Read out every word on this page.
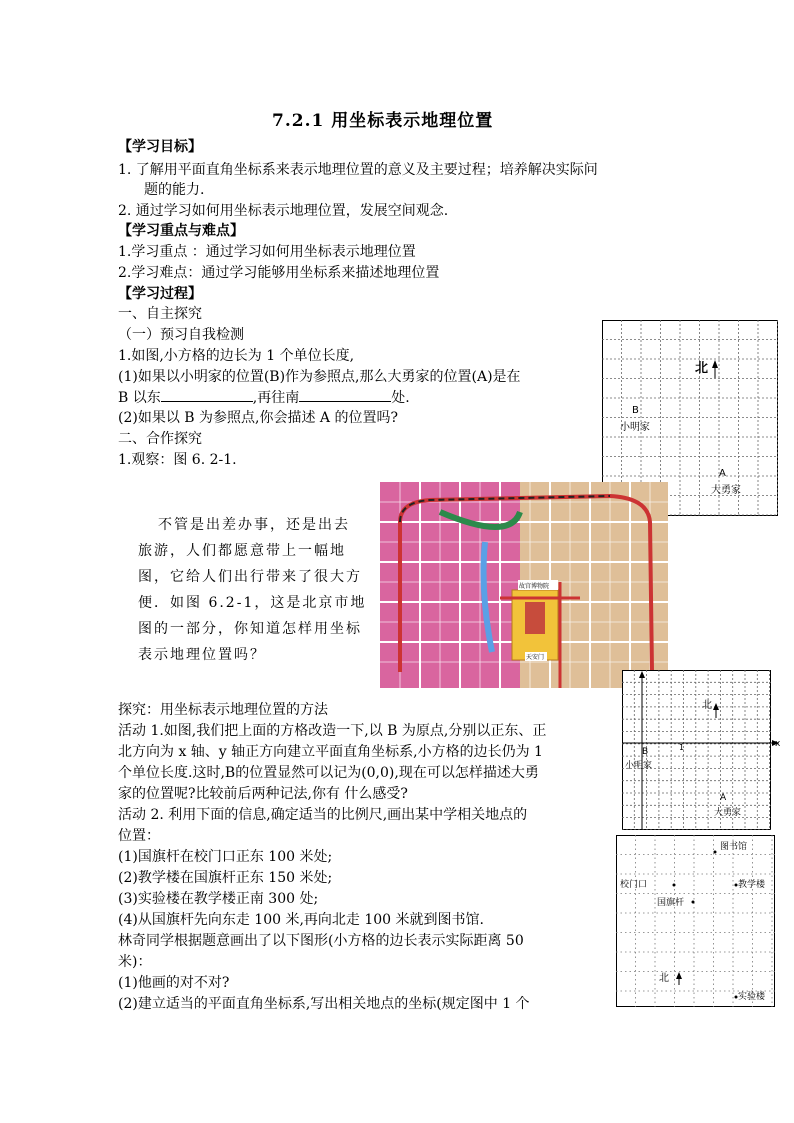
7.2.1 用坐标表示地理位置
【学习目标】
1. 了解用平面直角坐标系来表示地理位置的意义及主要过程；培养解决实际问
题的能力.
2. 通过学习如何用坐标表示地理位置，发展空间观念.
【学习重点与难点】
1.学习重点 ：通过学习如何用坐标表示地理位置
2.学习难点：通过学习能够用坐标系来描述地理位置
【学习过程】
一、自主探究
（一）预习自我检测
1.如图,小方格的边长为 1 个单位长度,
(1)如果以小明家的位置(B)作为参照点,那么大勇家的位置(A)是在
B 以东	,再往南	处.
(2)如果以 B 为参照点,你会描述 A 的位置吗?
二、合作探究
1.观察：图 6. 2-1.
北
B
小明家
A
大勇家
不管是出差办事，还是出去
旅游，人们都愿意带上一幅地
图，它给人们出行带来了很大方
便．如图 6.2-1，这是北京市地
图的一部分，你知道怎样用坐标
表示地理位置吗？
故宫博物院
天安门
探究：用坐标表示地理位置的方法
活动 1.如图,我们把上面的方格改造一下,以 B 为原点,分别以正东、正
北方向为 x 轴、y 轴正方向建立平面直角坐标系,小方格的边长仍为 1
个单位长度.这时,B的位置显然可以记为(0,0),现在可以怎样描述大勇
家的位置呢?比较前后两种记法,你有 什么感受?
活动 2. 利用下面的信息,确定适当的比例尺,画出某中学相关地点的
位置：
(1)国旗杆在校门口正东 100 米处;
(2)教学楼在国旗杆正东 150 米处;
(3)实验楼在教学楼正南 300 处;
(4)从国旗杆先向东走 100 米,再向北走 100 米就到图书馆.
林奇同学根据题意画出了以下图形(小方格的边长表示实际距离 50
米)：
(1)他画的对不对?
(2)建立适当的平面直角坐标系,写出相关地点的坐标(规定图中 1 个
x
1
北
B
小明家
A
大勇家
图书馆
校门口	教学楼
国旗杆
北
实验楼
